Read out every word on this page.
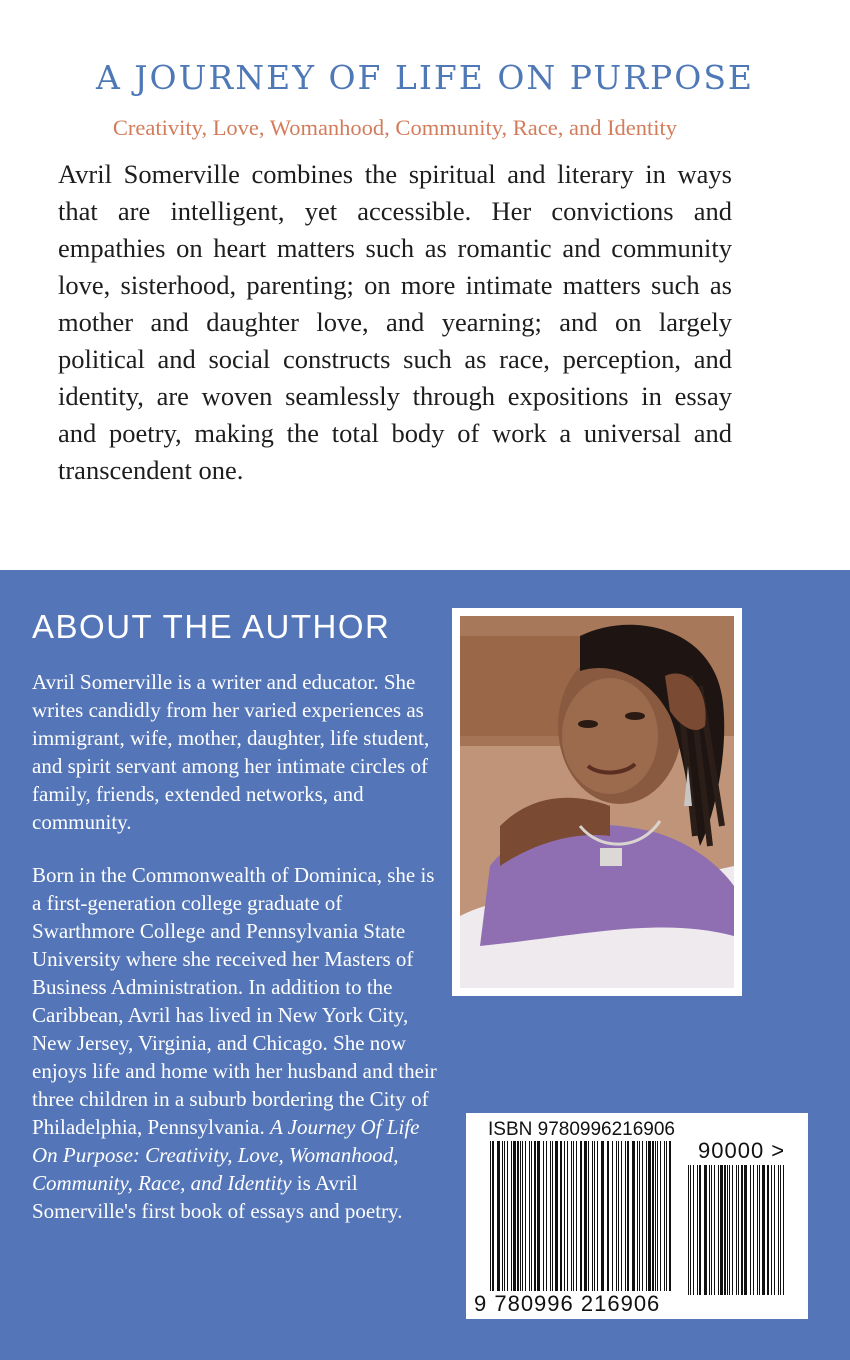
A JOURNEY OF LIFE ON PURPOSE

Creativity, Love, Womanhood, Community, Race, and Identity

Avril Somerville combines the spiritual and literary in ways that are intelligent, yet accessible. Her convictions and empathies on heart matters such as romantic and community love, sisterhood, parenting; on more intimate matters such as mother and daughter love, and yearning; and on largely political and social constructs such as race, perception, and identity, are woven seamlessly through expositions in essay and poetry, making the total body of work a universal and transcendent one.

ABOUT THE AUTHOR

Avril Somerville is a writer and educator. She writes candidly from her varied experiences as immigrant, wife, mother, daughter, life student, and spirit servant among her intimate circles of family, friends, extended networks, and community.

Born in the Commonwealth of Dominica, she is a first-generation college graduate of Swarthmore College and Pennsylvania State University where she received her Masters of Business Administration. In addition to the Caribbean, Avril has lived in New York City, New Jersey, Virginia, and Chicago. She now enjoys life and home with her husband and their three children in a suburb bordering the City of Philadelphia, Pennsylvania. A Journey Of Life On Purpose: Creativity, Love, Womanhood, Community, Race, and Identity is Avril Somerville's first book of essays and poetry.

ISBN 9780996216906

90000 >

9 780996 216906
